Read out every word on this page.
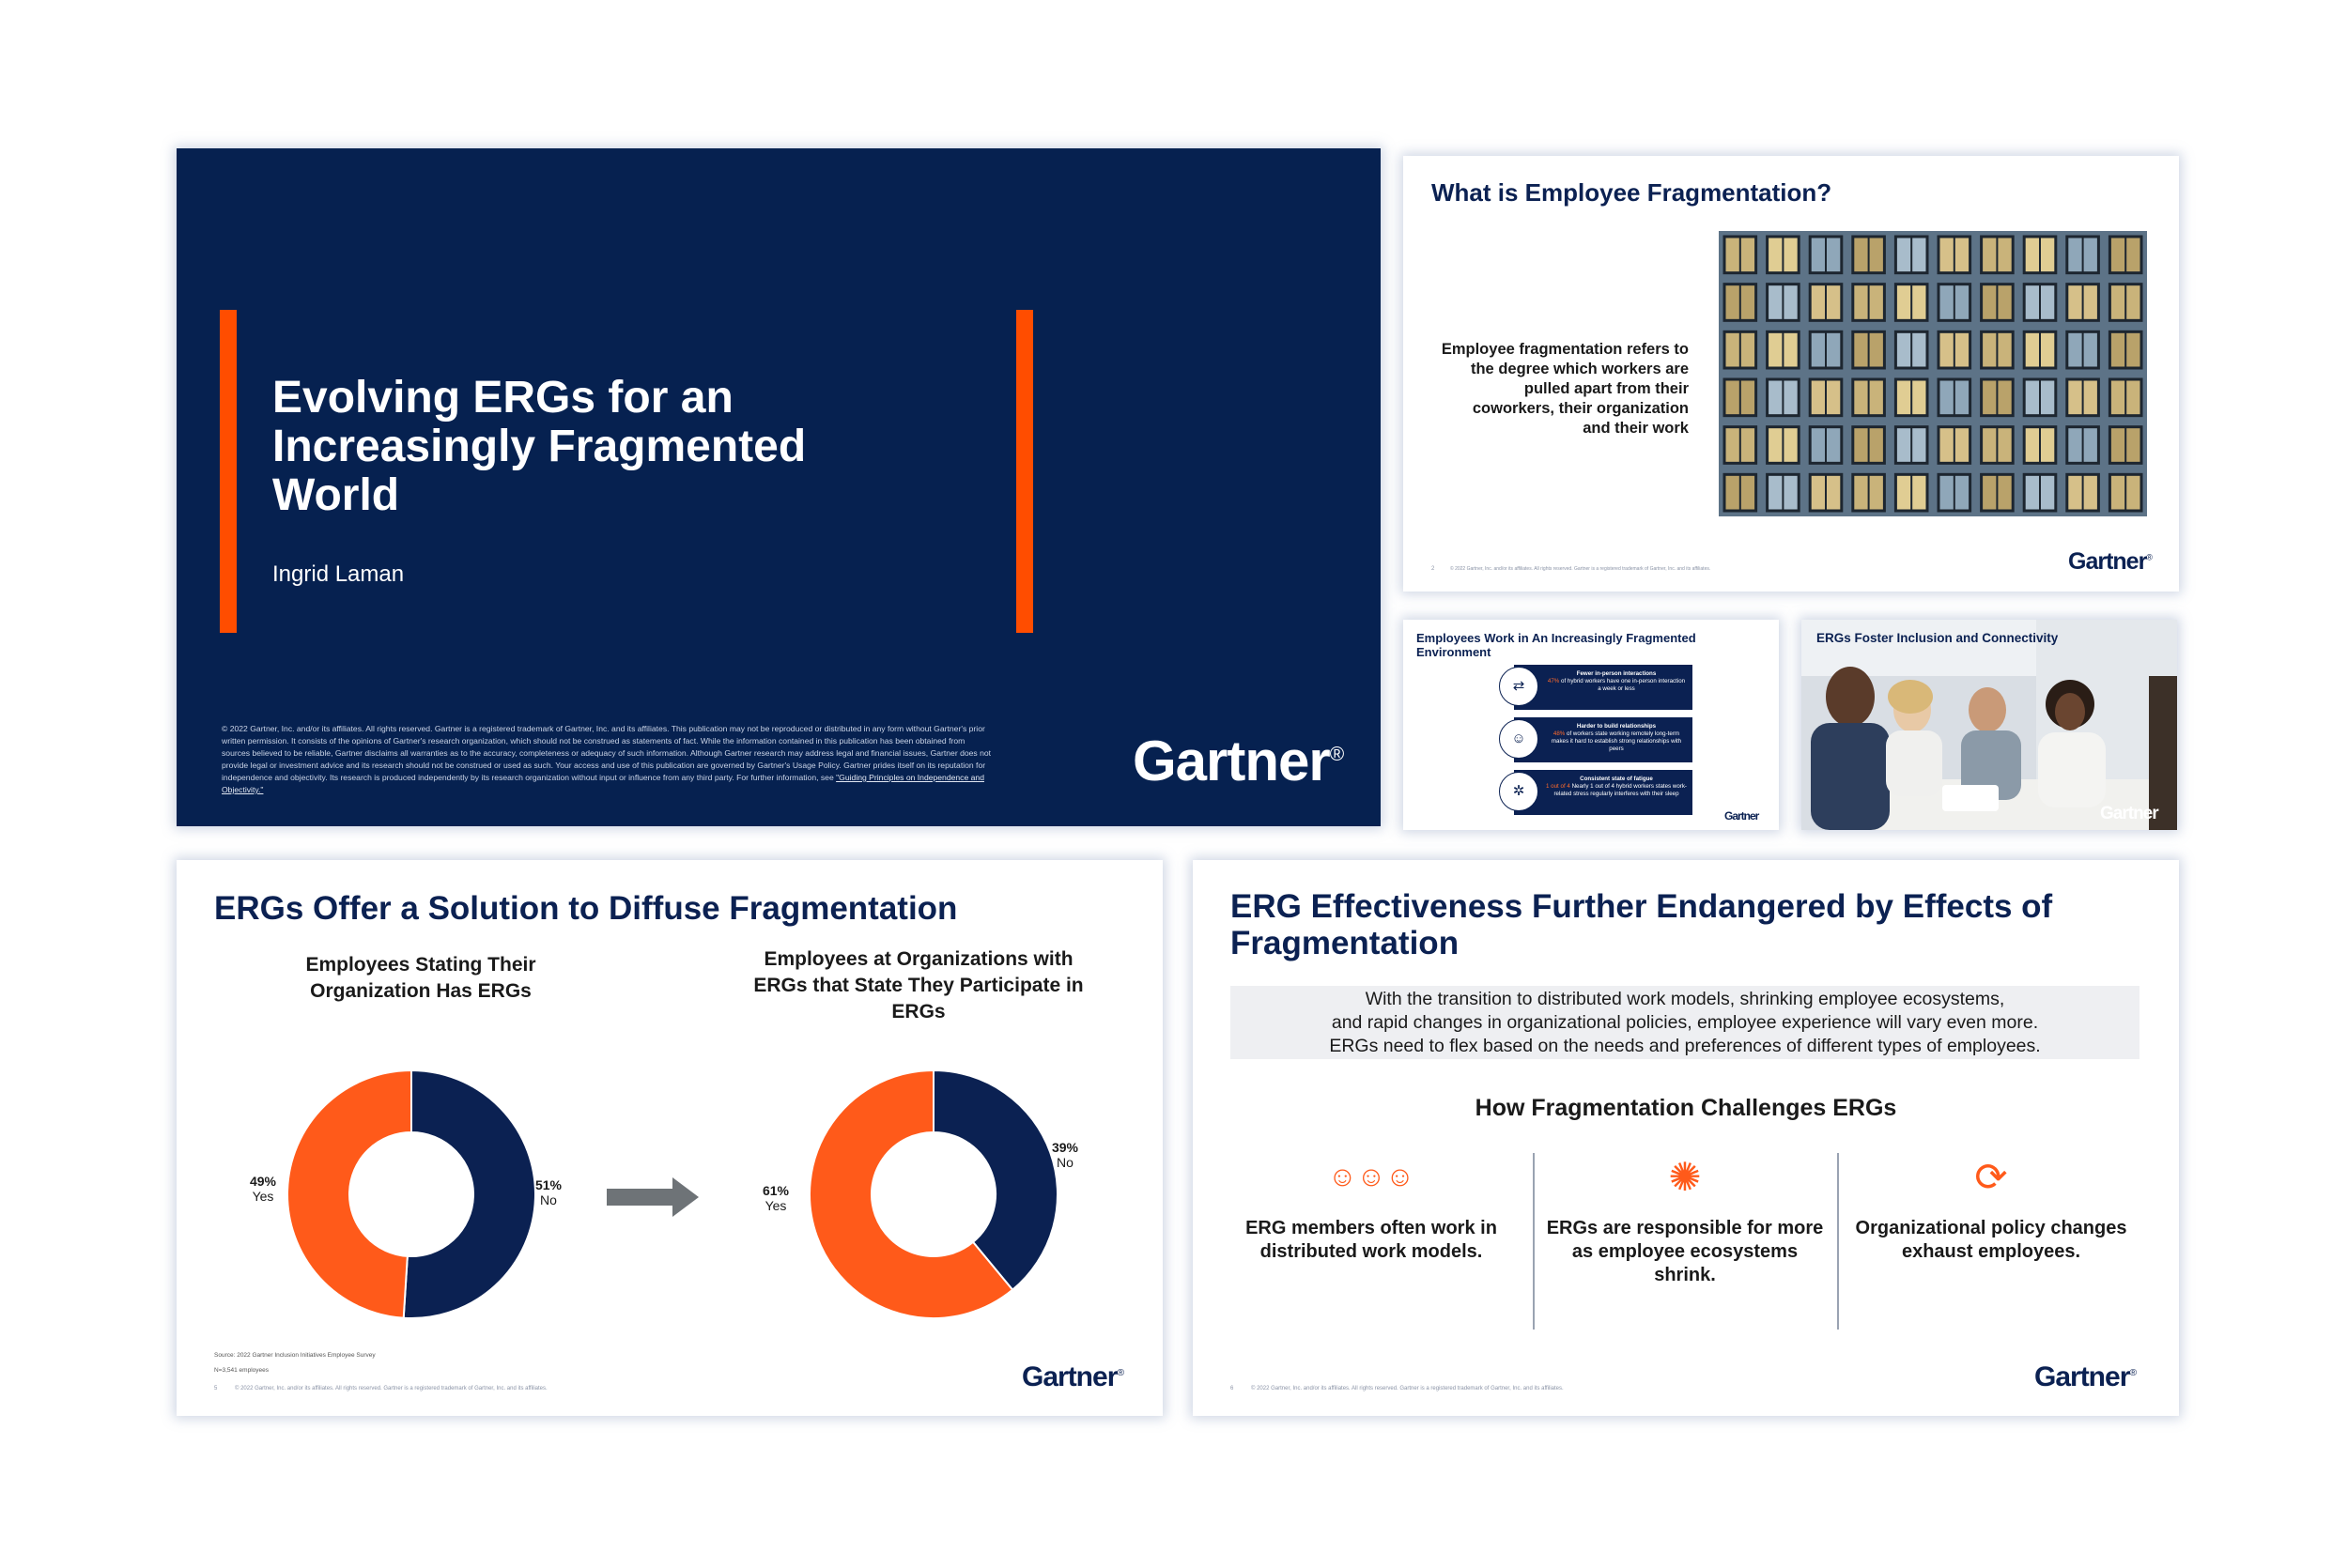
Evolving ERGs for an Increasingly Fragmented World
Ingrid Laman
© 2022 Gartner, Inc. and/or its affiliates. All rights reserved. Gartner is a registered trademark of Gartner, Inc. and its affiliates. This publication may not be reproduced or distributed in any form without Gartner's prior written permission. It consists of the opinions of Gartner's research organization, which should not be construed as statements of fact. While the information contained in this publication has been obtained from sources believed to be reliable, Gartner disclaims all warranties as to the accuracy, completeness or adequacy of such information. Although Gartner research may address legal and financial issues, Gartner does not provide legal or investment advice and its research should not be construed or used as such. Your access and use of this publication are governed by Gartner's Usage Policy. Gartner prides itself on its reputation for independence and objectivity. Its research is produced independently by its research organization without input or influence from any third party. For further information, see "Guiding Principles on Independence and Objectivity."	Gartner®
What is Employee Fragmentation?
Employee fragmentation refers to the degree which workers are pulled apart from their coworkers, their organization and their work
2	© 2022 Gartner, Inc. and/or its affiliates. All rights reserved. Gartner is a registered trademark of Gartner, Inc. and its affiliates.	Gartner®
Employees Work in An Increasingly Fragmented Environment
⇄
Fewer in-person interactions
47% of hybrid workers have one in-person interaction a week or less
☺
Harder to build relationships
48% of workers state working remotely long-term makes it hard to establish strong relationships with peers
✲
Consistent state of fatigue
1 out of 4 Nearly 1 out of 4 hybrid workers states work-related stress regularly interferes with their sleep
Gartner
ERGs Foster Inclusion and Connectivity
Gartner
ERGs Offer a Solution to Diffuse Fragmentation
Employees Stating Their Organization Has ERGs
Employees at Organizations with ERGs that State They Participate in ERGs
49%
Yes
51%
No
61%
Yes
39%
No
Source: 2022 Gartner Inclusion Initiatives Employee Survey
N=3,541 employees
5	© 2022 Gartner, Inc. and/or its affiliates. All rights reserved. Gartner is a registered trademark of Gartner, Inc. and its affiliates.	Gartner®
ERG Effectiveness Further Endangered by Effects of Fragmentation
With the transition to distributed work models, shrinking employee ecosystems,
and rapid changes in organizational policies, employee experience will vary even more.
ERGs need to flex based on the needs and preferences of different types of employees.
How Fragmentation Challenges ERGs
☺☺☺
ERG members often work in distributed work models.
✺
ERGs are responsible for more as employee ecosystems shrink.
⟳
Organizational policy changes exhaust employees.
6	© 2022 Gartner, Inc. and/or its affiliates. All rights reserved. Gartner is a registered trademark of Gartner, Inc. and its affiliates.	Gartner®
